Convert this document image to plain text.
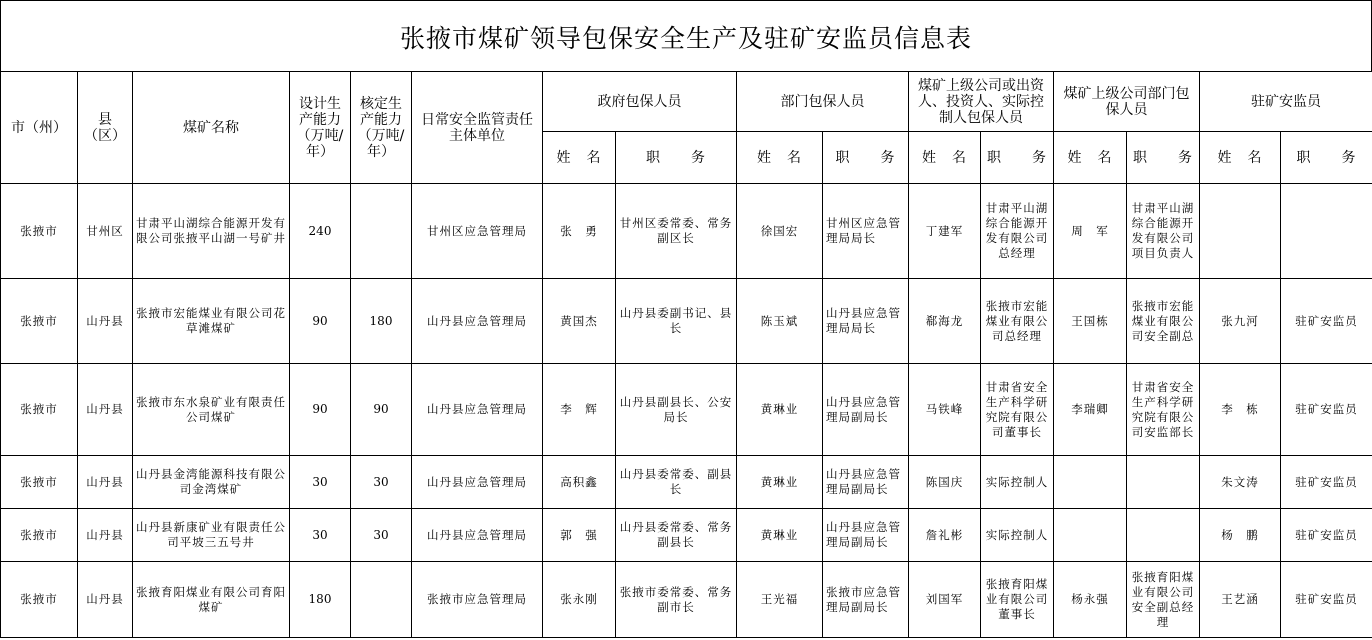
张掖市煤矿领导包保安全生产及驻矿安监员信息表
市（州）	县（区）	煤矿名称	设计生产能力（万吨/年）	核定生产能力（万吨/年）	日常安全监管责任主体单位	政府包保人员		部门包保人员		煤矿上级公司或出资人、投资人、实际控制人包保人员		煤矿上级公司部门包保人员		驻矿安监员	
						姓　名	职　　务	姓　名	职　　务	姓　名	职　　务	姓　名	职　　务	姓　名	职　　务
张掖市	甘州区	甘肃平山湖综合能源开发有限公司张掖平山湖一号矿井	240		甘州区应急管理局	张　勇	甘州区委常委、常务副区长	徐国宏	甘州区应急管理局局长	丁建军	甘肃平山湖综合能源开发有限公司总经理	周　军	甘肃平山湖综合能源开发有限公司项目负责人		
张掖市	山丹县	张掖市宏能煤业有限公司花草滩煤矿	90	180	山丹县应急管理局	黄国杰	山丹县委副书记、县长	陈玉斌	山丹县应急管理局局长	郗海龙	张掖市宏能煤业有限公司总经理	王国栋	张掖市宏能煤业有限公司安全副总	张九河	驻矿安监员
张掖市	山丹县	张掖市东水泉矿业有限责任公司煤矿	90	90	山丹县应急管理局	李　辉	山丹县副县长、公安局长	黄琳业	山丹县应急管理局副局长	马铁峰	甘肃省安全生产科学研究院有限公司董事长	李瑞卿	甘肃省安全生产科学研究院有限公司安监部长	李　栋	驻矿安监员
张掖市	山丹县	山丹县金湾能源科技有限公司金湾煤矿	30	30	山丹县应急管理局	高积鑫	山丹县委常委、副县长	黄琳业	山丹县应急管理局副局长	陈国庆	实际控制人			朱文涛	驻矿安监员
张掖市	山丹县	山丹县新康矿业有限责任公司平坡三五号井	30	30	山丹县应急管理局	郭　强	山丹县委常委、常务副县长	黄琳业	山丹县应急管理局副局长	詹礼彬	实际控制人			杨　鹏	驻矿安监员
张掖市	山丹县	张掖育阳煤业有限公司育阳煤矿	180		张掖市应急管理局	张永刚	张掖市委常委、常务副市长	王光福	张掖市应急管理局副局长	刘国军	张掖育阳煤业有限公司董事长	杨永强	张掖育阳煤业有限公司安全副总经理	王艺涵	驻矿安监员
